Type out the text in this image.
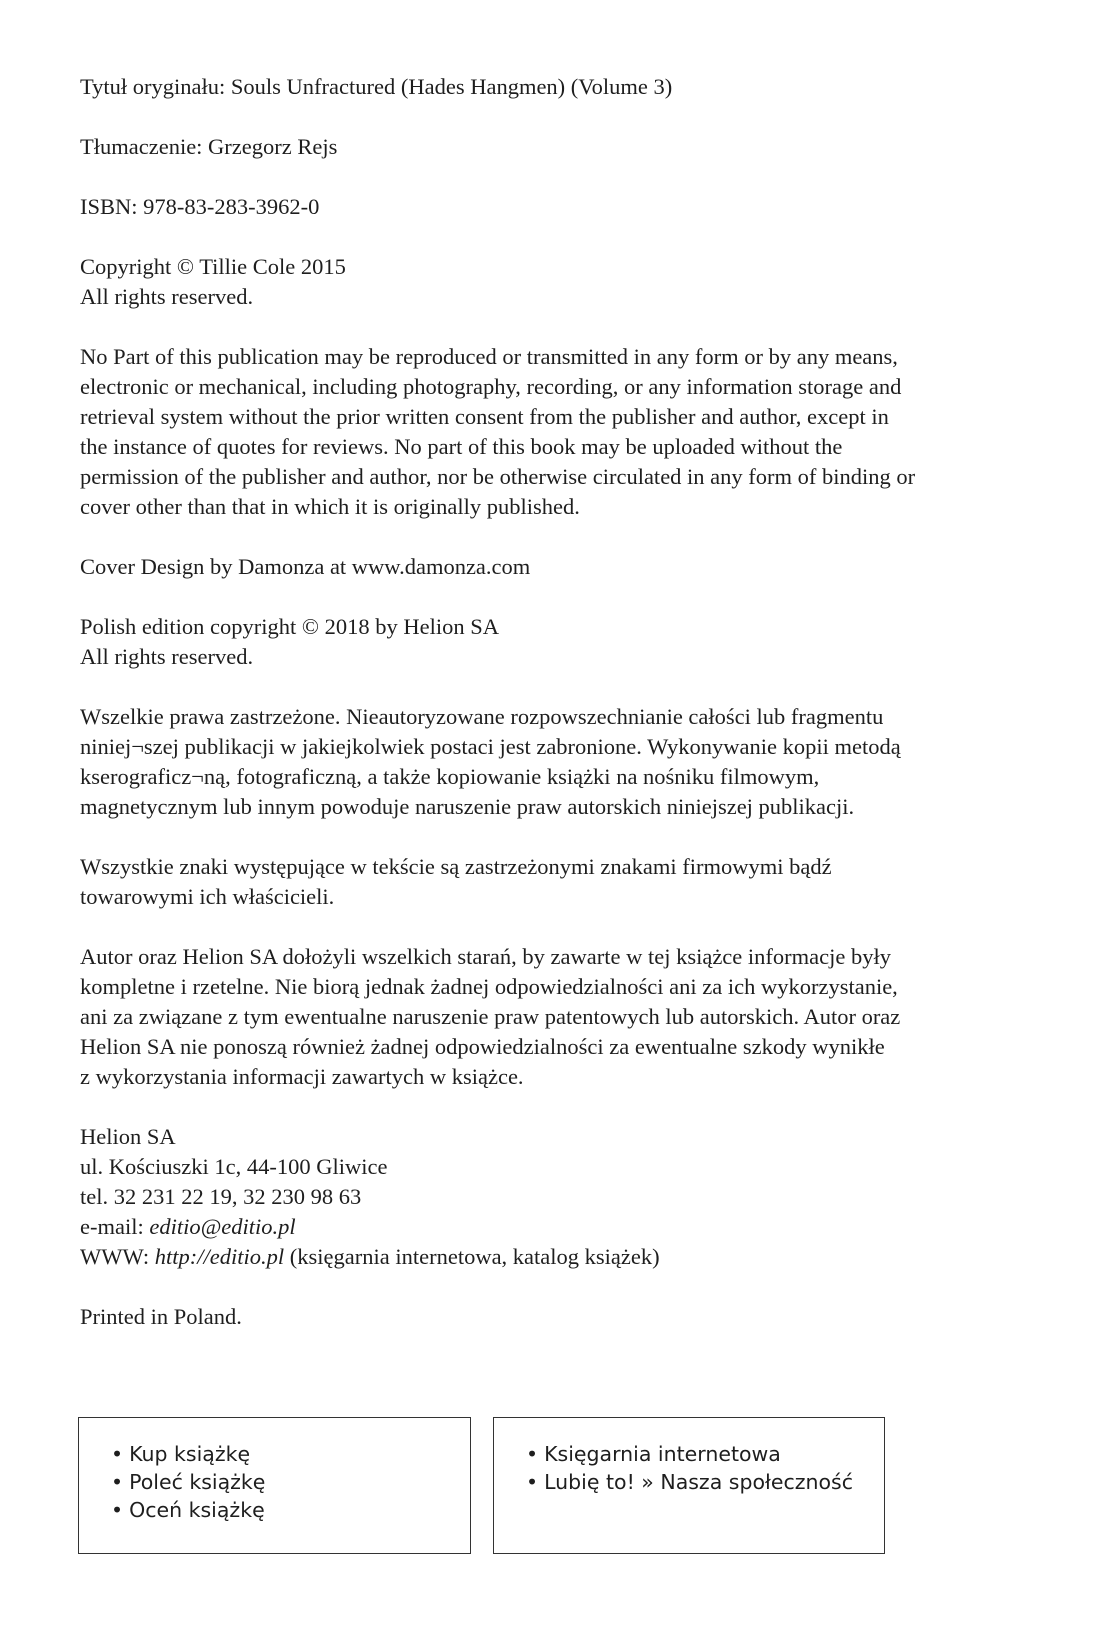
Tytuł oryginału: Souls Unfractured (Hades Hangmen) (Volume 3)
Tłumaczenie: Grzegorz Rejs
ISBN: 978-83-283-3962-0
Copyright © Tillie Cole 2015
All rights reserved.
No Part of this publication may be reproduced or transmitted in any form or by any means,
electronic or mechanical, including photography, recording, or any information storage and
retrieval system without the prior written consent from the publisher and author, except in
the instance of quotes for reviews. No part of this book may be uploaded without the
permission of the publisher and author, nor be otherwise circulated in any form of binding or
cover other than that in which it is originally published.
Cover Design by Damonza at www.damonza.com
Polish edition copyright © 2018 by Helion SA
All rights reserved.
Wszelkie prawa zastrzeżone. Nieautoryzowane rozpowszechnianie całości lub fragmentu
niniej¬szej publikacji w jakiejkolwiek postaci jest zabronione. Wykonywanie kopii metodą
kserograficz¬ną, fotograficzną, a także kopiowanie książki na nośniku filmowym,
magnetycznym lub innym powoduje naruszenie praw autorskich niniejszej publikacji.
Wszystkie znaki występujące w tekście są zastrzeżonymi znakami firmowymi bądź
towarowymi ich właścicieli.
Autor oraz Helion SA dołożyli wszelkich starań, by zawarte w tej książce informacje były
kompletne i rzetelne. Nie biorą jednak żadnej odpowiedzialności ani za ich wykorzystanie,
ani za związane z tym ewentualne naruszenie praw patentowych lub autorskich. Autor oraz
Helion SA nie ponoszą również żadnej odpowiedzialności za ewentualne szkody wynikłe
z wykorzystania informacji zawartych w książce.
Helion SA
ul. Kościuszki 1c, 44-100 Gliwice
tel. 32 231 22 19, 32 230 98 63
e-mail: editio@editio.pl
WWW: http://editio.pl (księgarnia internetowa, katalog książek)
Printed in Poland.
• Kup książkę
• Poleć książkę
• Oceń książkę
• Księgarnia internetowa
• Lubię to! » Nasza społeczność
